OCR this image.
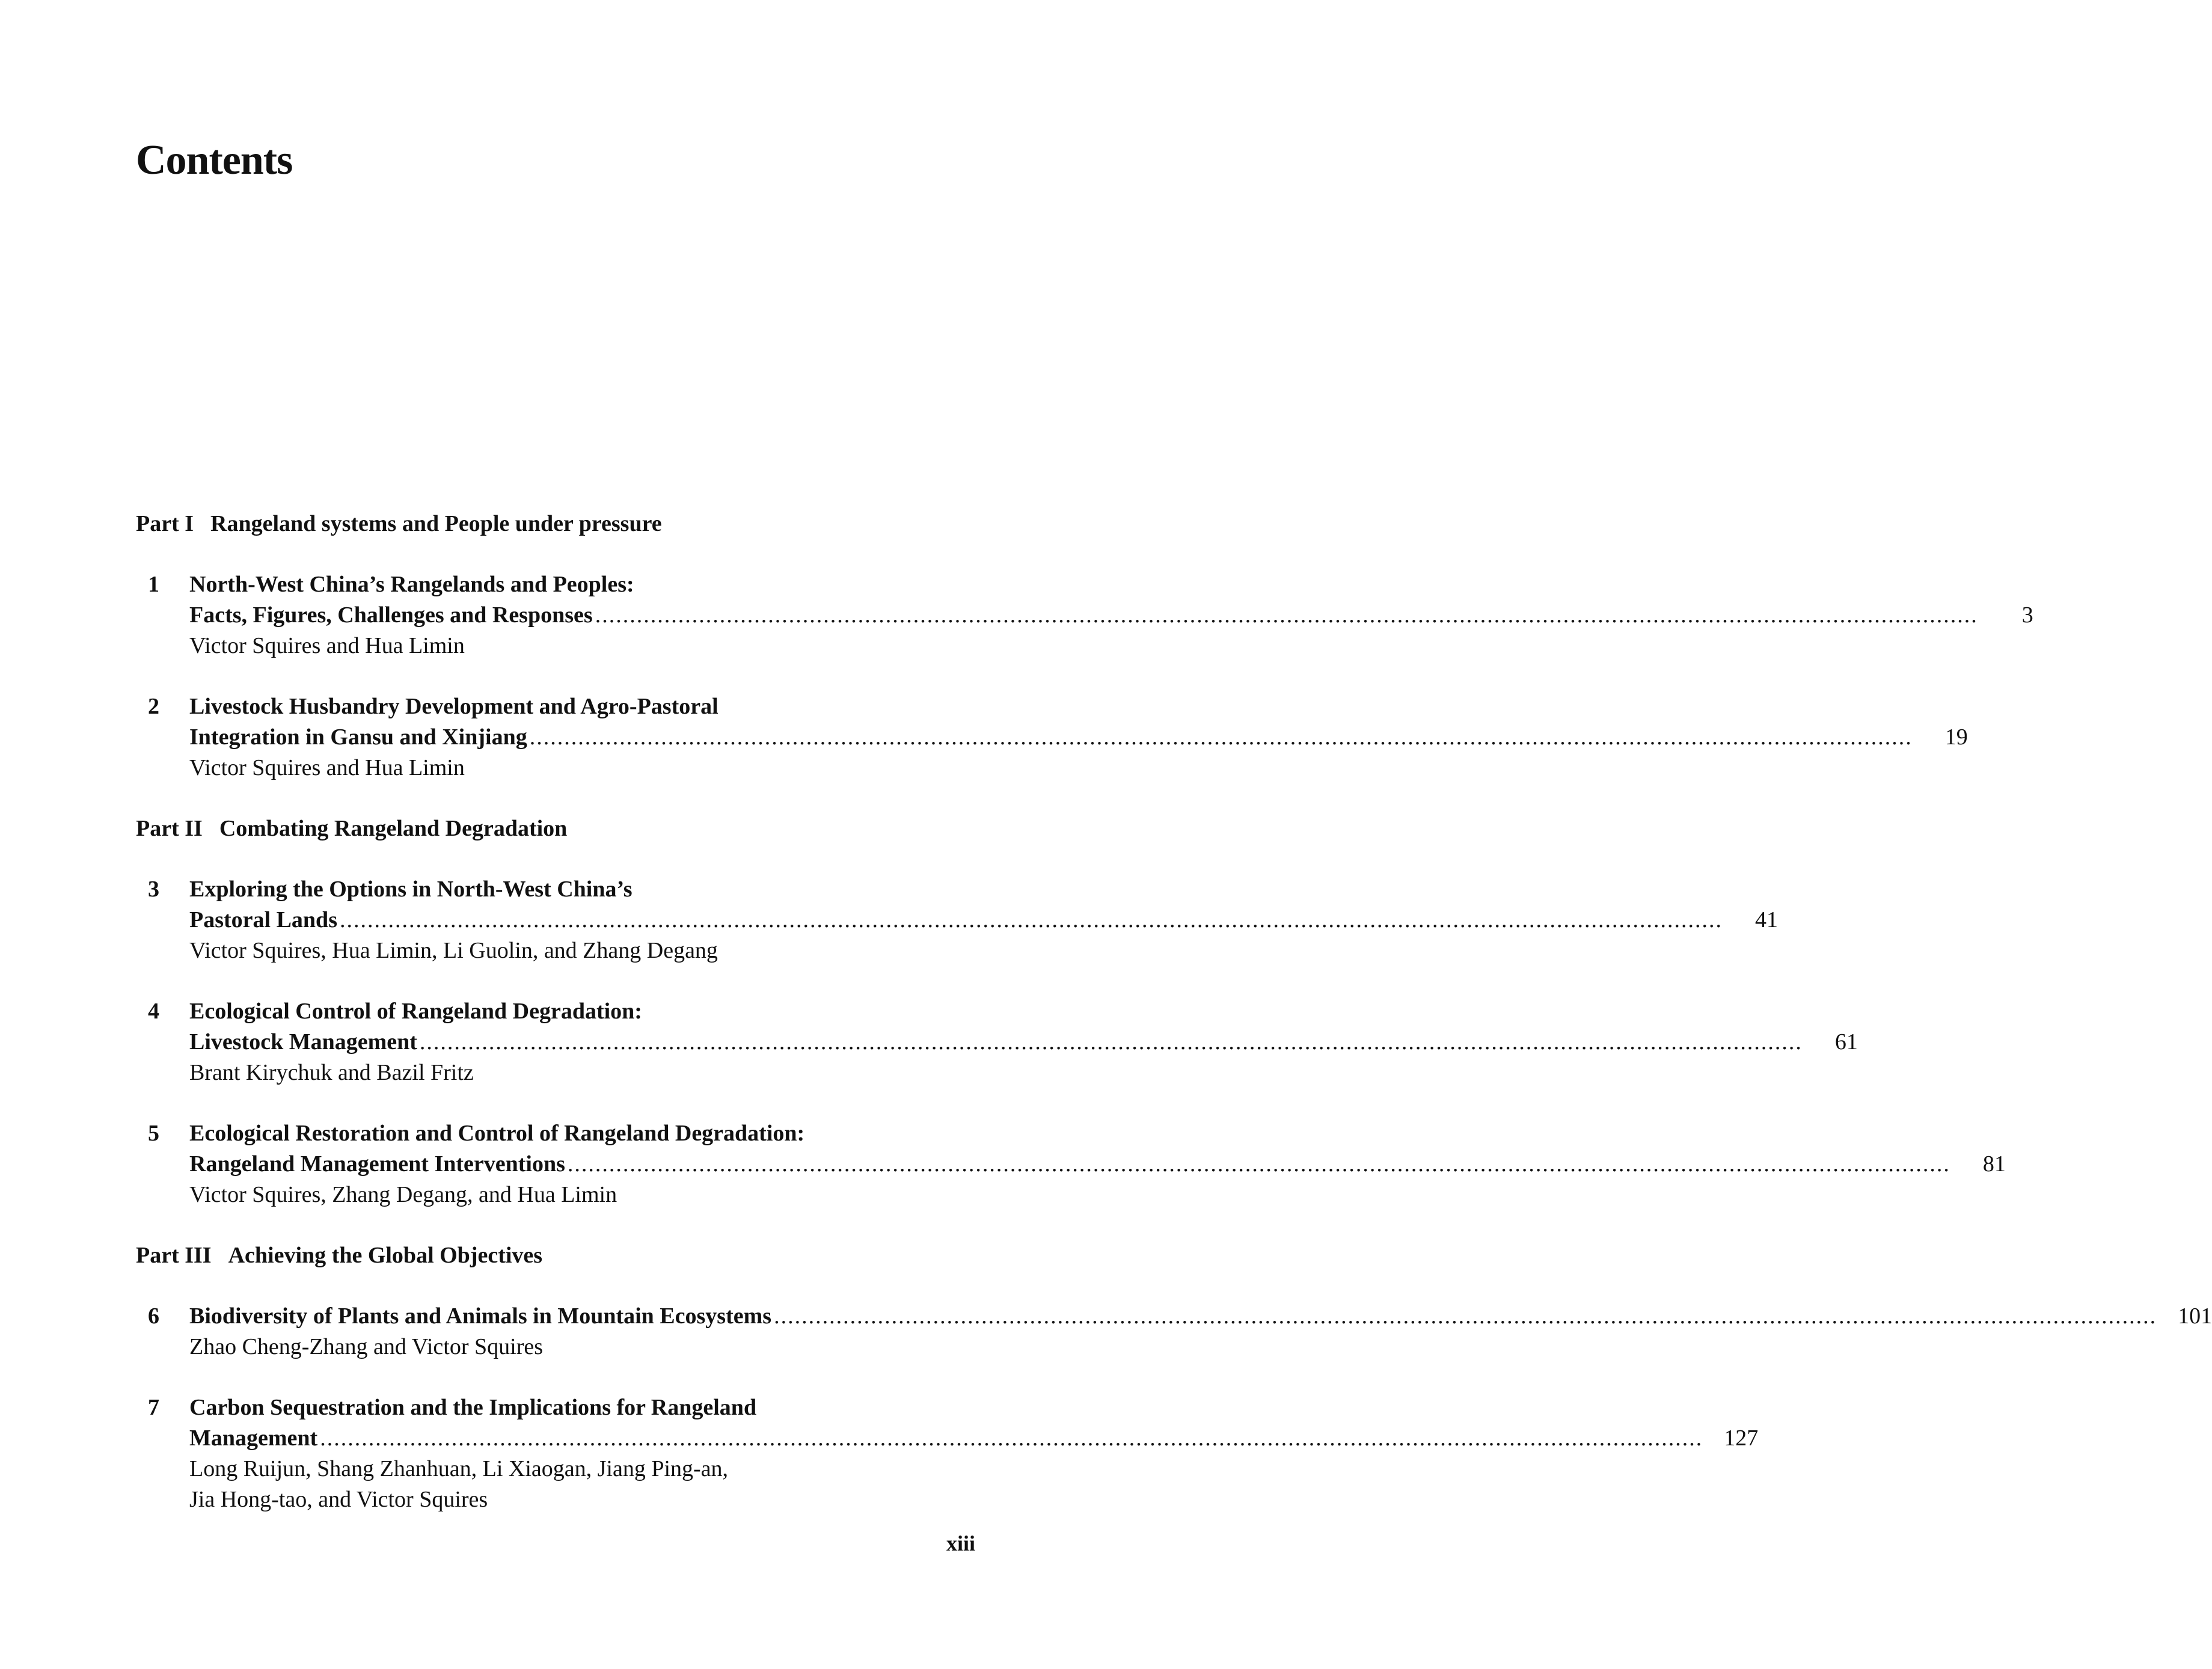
Contents
Part I Rangeland systems and People under pressure
1 North-West China’s Rangelands and Peoples:
Facts, Figures, Challenges and Responses ........................................................................................................................................................................................................	3
Victor Squires and Hua Limin
2 Livestock Husbandry Development and Agro-Pastoral
Integration in Gansu and Xinjiang ........................................................................................................................................................................................................	19
Victor Squires and Hua Limin
Part II Combating Rangeland Degradation
3 Exploring the Options in North-West China’s
Pastoral Lands ........................................................................................................................................................................................................	41
Victor Squires, Hua Limin, Li Guolin, and Zhang Degang
4 Ecological Control of Rangeland Degradation:
Livestock Management ........................................................................................................................................................................................................	61
Brant Kirychuk and Bazil Fritz
5 Ecological Restoration and Control of Rangeland Degradation:
Rangeland Management Interventions ........................................................................................................................................................................................................	81
Victor Squires, Zhang Degang, and Hua Limin
Part III Achieving the Global Objectives
6 Biodiversity of Plants and Animals in Mountain Ecosystems ........................................................................................................................................................................................................ 101
Zhao Cheng-Zhang and Victor Squires
7 Carbon Sequestration and the Implications for Rangeland
Management ........................................................................................................................................................................................................ 127
Long Ruijun, Shang Zhanhuan, Li Xiaogan, Jiang Ping-an,
Jia Hong-tao, and Victor Squires
xiii
